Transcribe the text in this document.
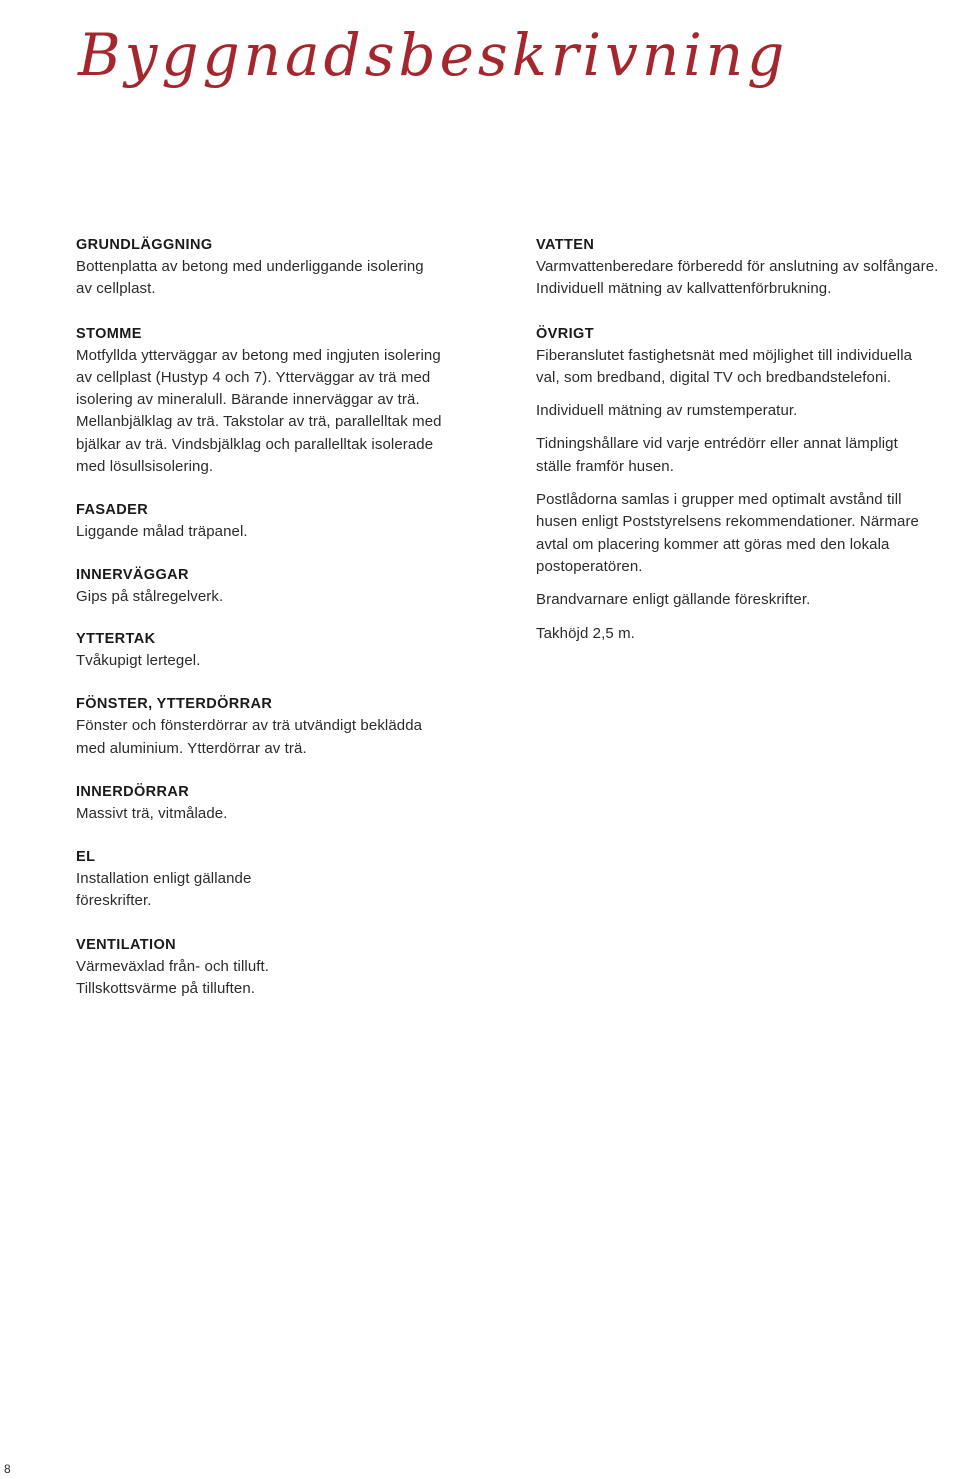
Byggnadsbeskrivning

GRUNDLÄGGNING

Bottenplatta av betong med underliggande isolering

av cellplast.

STOMME

Motfyllda ytterväggar av betong med ingjuten isolering

av cellplast (Hustyp 4 och 7). Ytterväggar av trä med

isolering av mineralull. Bärande innerväggar av trä.

Mellanbjälklag av trä. Takstolar av trä, parallelltak med

bjälkar av trä. Vindsbjälklag och parallelltak isolerade

med lösullsisolering.

FASADER

Liggande målad träpanel.

INNERVÄGGAR

Gips på stålregelverk.

YTTERTAK

Tvåkupigt lertegel.

FÖNSTER, YTTERDÖRRAR

Fönster och fönsterdörrar av trä utvändigt beklädda

med aluminium. Ytterdörrar av trä.

INNERDÖRRAR

Massivt trä, vitmålade.

EL

Installation enligt gällande

föreskrifter.

VENTILATION

Värmeväxlad från- och tilluft.

Tillskottsvärme på tilluften.

VATTEN

Varmvattenberedare förberedd för anslutning av solfångare.

Individuell mätning av kallvattenförbrukning.

ÖVRIGT

Fiberanslutet fastighetsnät med möjlighet till individuella

val, som bredband, digital TV och bredbandstelefoni.

Individuell mätning av rumstemperatur.

Tidningshållare vid varje entrédörr eller annat lämpligt

ställe framför husen.

Postlådorna samlas i grupper med optimalt avstånd till

husen enligt Poststyrelsens rekommendationer. Närmare

avtal om placering kommer att göras med den lokala

postoperatören.

Brandvarnare enligt gällande föreskrifter.

Takhöjd 2,5 m.

8
